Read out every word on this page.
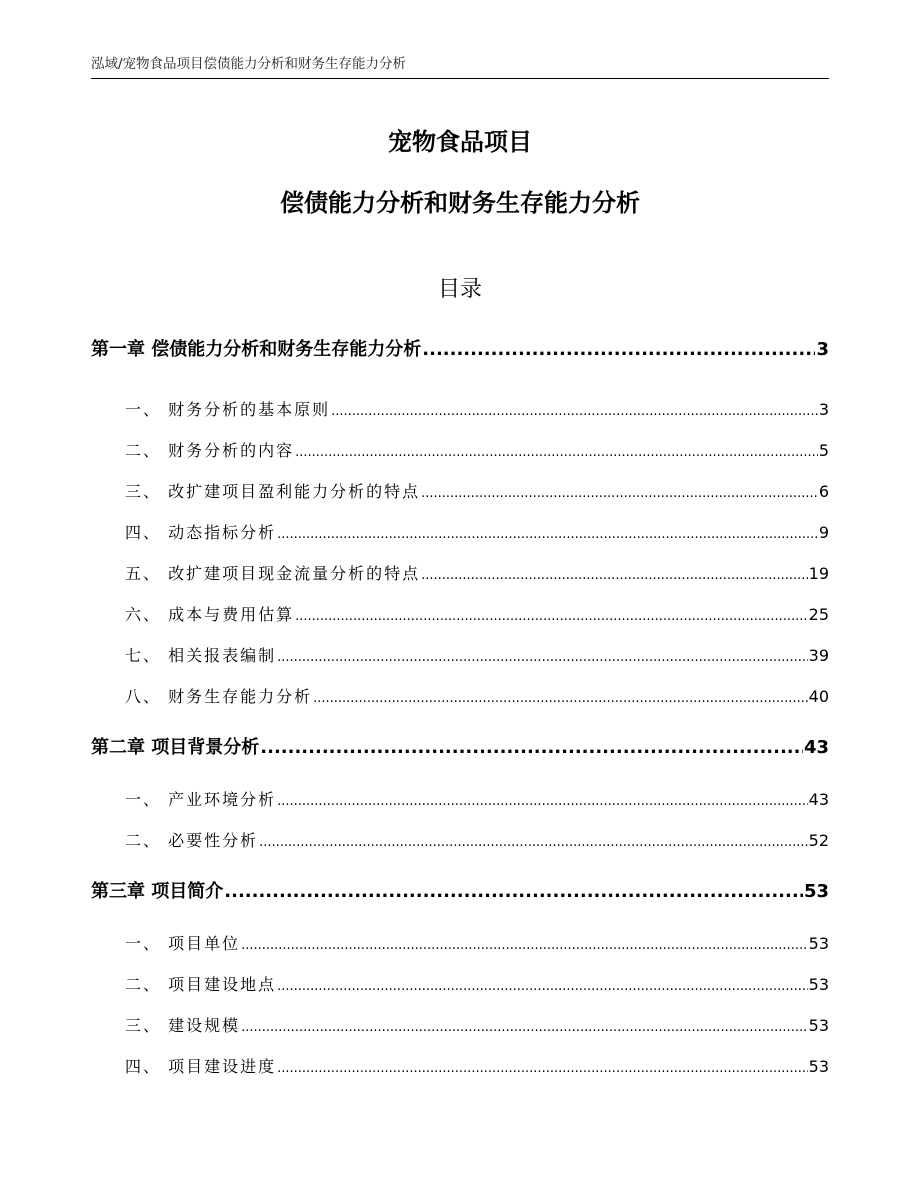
泓域/宠物食品项目偿债能力分析和财务生存能力分析
宠物食品项目
偿债能力分析和财务生存能力分析
目录
第一章 偿债能力分析和财务生存能力分析 .....	3
一、 财务分析的基本原则 .....	3
二、 财务分析的内容 .....	5
三、 改扩建项目盈利能力分析的特点 .....	6
四、 动态指标分析 .....	9
五、 改扩建项目现金流量分析的特点 .....	19
六、 成本与费用估算 .....	25
七、 相关报表编制 .....	39
八、 财务生存能力分析 .....	40
第二章 项目背景分析 .....	43
一、 产业环境分析 .....	43
二、 必要性分析 .....	52
第三章 项目简介 .....	53
一、 项目单位 .....	53
二、 项目建设地点 .....	53
三、 建设规模 .....	53
四、 项目建设进度 .....	53
